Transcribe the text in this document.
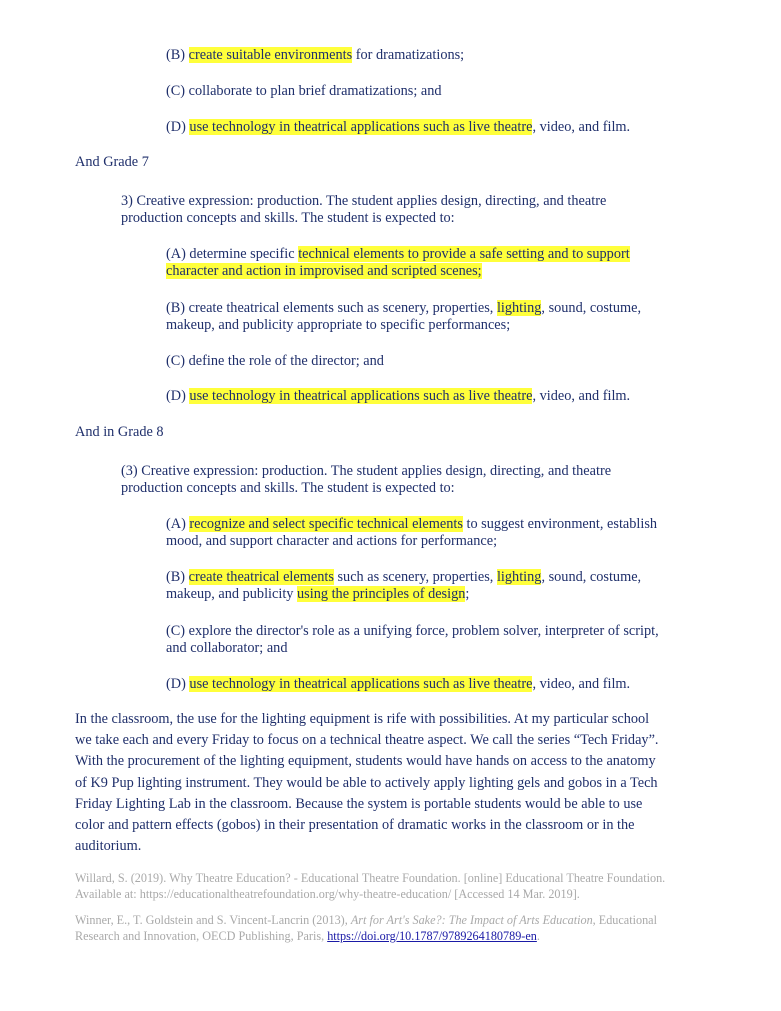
(B) create suitable environments for dramatizations;
(C) collaborate to plan brief dramatizations; and
(D) use technology in theatrical applications such as live theatre, video, and film.
And Grade 7
3) Creative expression: production. The student applies design, directing, and theatre
production concepts and skills. The student is expected to:
(A) determine specific technical elements to provide a safe setting and to support
character and action in improvised and scripted scenes;
(B) create theatrical elements such as scenery, properties, lighting, sound, costume,
makeup, and publicity appropriate to specific performances;
(C) define the role of the director; and
(D) use technology in theatrical applications such as live theatre, video, and film.
And in Grade 8
(3) Creative expression: production. The student applies design, directing, and theatre
production concepts and skills. The student is expected to:
(A) recognize and select specific technical elements to suggest environment, establish
mood, and support character and actions for performance;
(B) create theatrical elements such as scenery, properties, lighting, sound, costume,
makeup, and publicity using the principles of design;
(C) explore the director's role as a unifying force, problem solver, interpreter of script,
and collaborator; and
(D) use technology in theatrical applications such as live theatre, video, and film.
In the classroom, the use for the lighting equipment is rife with possibilities. At my particular school
we take each and every Friday to focus on a technical theatre aspect. We call the series “Tech Friday”.
With the procurement of the lighting equipment, students would have hands on access to the anatomy
of K9 Pup lighting instrument. They would be able to actively apply lighting gels and gobos in a Tech
Friday Lighting Lab in the classroom. Because the system is portable students would be able to use
color and pattern effects (gobos) in their presentation of dramatic works in the classroom or in the
auditorium.
Willard, S. (2019). Why Theatre Education? - Educational Theatre Foundation. [online] Educational Theatre Foundation.
Available at: https://educationaltheatrefoundation.org/why-theatre-education/ [Accessed 14 Mar. 2019].
Winner, E., T. Goldstein and S. Vincent-Lancrin (2013), Art for Art's Sake?: The Impact of Arts Education, Educational
Research and Innovation, OECD Publishing, Paris, https://doi.org/10.1787/9789264180789-en.
